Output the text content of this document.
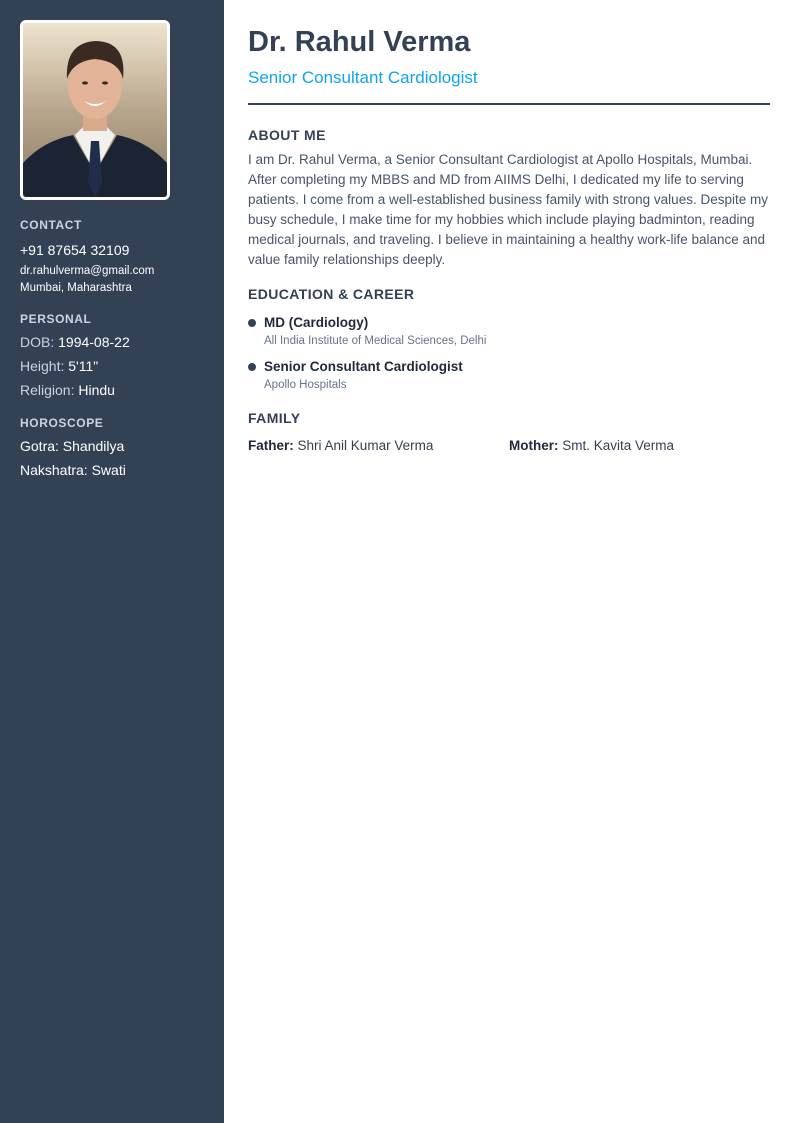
CONTACT
+91 87654 32109
dr.rahulverma@gmail.com
Mumbai, Maharashtra
PERSONAL
DOB: 1994-08-22
Height: 5'11"
Religion: Hindu
HOROSCOPE
Gotra: Shandilya
Nakshatra: Swati
Dr. Rahul Verma
Senior Consultant Cardiologist
ABOUT ME

I am Dr. Rahul Verma, a Senior Consultant Cardiologist at Apollo Hospitals, Mumbai. After completing my MBBS and MD from AIIMS Delhi, I dedicated my life to serving patients. I come from a well-established business family with strong values. Despite my busy schedule, I make time for my hobbies which include playing badminton, reading medical journals, and traveling. I believe in maintaining a healthy work-life balance and value family relationships deeply.

EDUCATION & CAREER
MD (Cardiology)
All India Institute of Medical Sciences, Delhi
Senior Consultant Cardiologist
Apollo Hospitals
FAMILY
Father: Shri Anil Kumar Verma	Mother: Smt. Kavita Verma
